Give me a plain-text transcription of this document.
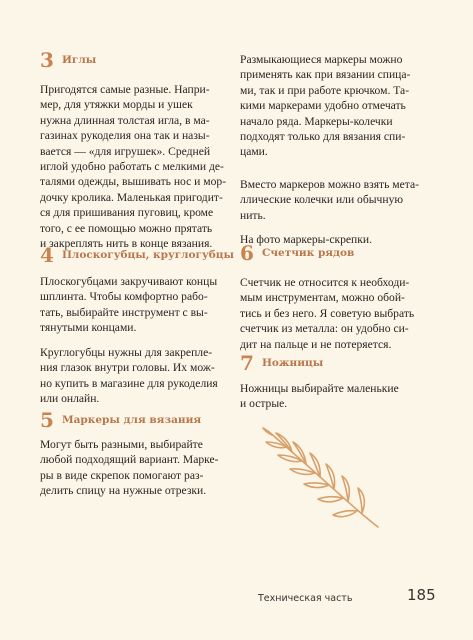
3 Иглы

Пригодятся самые разные. Напри-
мер, для утяжки морды и ушек
нужна длинная толстая игла, в ма-
газинах рукоделия она так и назы-
вается — «для игрушек». Средней
иглой удобно работать с мелкими де-
талями одежды, вышивать нос и мор-
дочку кролика. Маленькая пригодит-
ся для пришивания пуговиц, кроме
того, с ее помощью можно прятать
и закреплять нить в конце вязания.

4 Плоскогубцы, круглогубцы

Плоскогубцами закручивают концы
шплинта. Чтобы комфортно рабо-
тать, выбирайте инструмент с вы-
тянутыми концами.

Круглогубцы нужны для закрепле-
ния глазок внутри головы. Их мож-
но купить в магазине для рукоделия
или онлайн.

5 Маркеры для вязания

Могут быть разными, выбирайте
любой подходящий вариант. Марке-
ры в виде скрепок помогают раз-
делить спицу на нужные отрезки.

Размыкающиеся маркеры можно
применять как при вязании спица-
ми, так и при работе крючком. Та-
кими маркерами удобно отмечать
начало ряда. Маркеры-колечки
подходят только для вязания спи-
цами.

Вместо маркеров можно взять мета-
ллические колечки или обычную
нить.

На фото маркеры-скрепки.

6 Счетчик рядов

Счетчик не относится к необходи-
мым инструментам, можно обой-
тись и без него. Я советую выбрать
счетчик из металла: он удобно си-
дит на пальце и не потеряется.

7 Ножницы

Ножницы выбирайте маленькие
и острые.

Техническая часть	185
